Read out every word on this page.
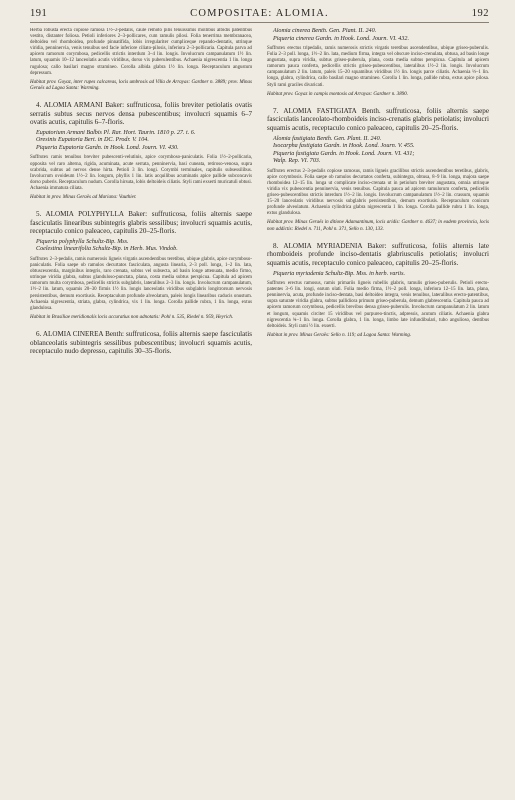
191	COMPOSITAE: ALOMIA.	192

Herba robusta erecta copiose ramosa 1½–2-pedalis, caule remoto pilis tenuissimis mollibus albidis patentibus vestito, distanter foliosa. Petioli inferiores 2–3-pollicares, cum ramulis pilosi. Folia tenerrima membranacea, deltoidea vel rhomboidea, profunde pinnatifida, lobis irregulariter cumpliceque repando-dentatis, utrinque viridia, penninervia, venis tenuibus sed facie inferiore ciliato-pilosis, inferiora 2–3-pollicaria. Capitula parva ad apicem ramorum corymbosa, pedicellis strictis interdum 3–4 lin. longis. Involucrum campanulatum 1½ lin. latum, squamis 10–12 lanceolatis acutis viridibus, dorso vix puberulentibus. Achaenia nigrescentia 1 lin. longa rugulosa; callo basilari magno stramineo. Corolla albida glabra 1½ lin. longa. Receptaculum angustum depressum.

Habitat prov. Goyaz, inter rupes calcareas, locis umbrosis ad Villa de Arrayas: Gardner n. 3889; prov. Minas Geraës ad Lagoa Santa: Warming.

4. ALOMIA ARMANI Baker: suffruticosa, foliis breviter petiolatis ovatis serratis subtus secus nervos densa pubescentibus; involucri squamis 6–7 ovatis acutis, capitulis 6–7-floris.

Eupatorium Armani Balbis Pl. Rar. Hort. Taurin. 1810 p. 27. t. 6.

Oresinis Eupatoria Bert. in DC. Prodr. V. 104.

Piqueria Eupatoria Gardn. in Hook. Lond. Journ. VI. 430.

Suffrutex ramis tenuibus breviter pubescenti-velutinis, apice corymboso-paniculatis. Folia 1½–2-pollicaria, opposita vel raro alterna, rigida, acuminata, acute serrata, penninervia, basi cuneata, retiroso-venosa, supra scabrida, subtus ad nervos dense hirta. Petioli 3 lin. longi. Corymbi terminales, capitulis subsessilibus. Involucrum ovoideum 1½–2 lin. longum, phyllis 1 lin. latis acquilibus acuminatis apice pallide subconcavis dorso puberis. Receptaculum nudum. Corolla hirsuta, lobis deltoideis ciliatis. Styli rami exserti muricatuli obtusi. Achaenia immatura ciliata.

Habitat in prov. Minas Geraës ad Mariana: Vauthier.

5. ALOMIA POLYPHYLLA Baker: suffruticosa, foliis alternis saepe fasciculatis linearibus subintegris glabris sessilibus; involucri squamis acutis, receptaculo conico paleaceo, capitulis 20–25-floris.

Piqueria polyphylla Schultz-Bip. Mss.

Coelestina linearifolia Schultz-Bip. in Herb. Mus. Vindob.

Suffrutex 2–3-pedalis, ramis numerosis ligneis virgatis ascendentibus teretibus, ubique glabris, apice corymboso-paniculatis. Folia saepe ob ramulos decurtatos fasciculata, angusta linearia, 2–3 poll. longa, 1–2 lin. lata, obtuscescentia, marginibus integris, raro crenata, sobtus vel subsecta, ad basin longe attenuata, medio firmo, utrinque viridia glabra, subtus glanduloso-punctata, plana, costa media subtus perspicua. Capitula ad apicem ramorum multa corymbosa, pedicellis strictis subglabris, lateralibus 2–3 lin. longis. Involucrum campanulatum, 1½–2 lin. latum, squamis 20–30 firmis 1½ lin. longis lanceolatis viridibus subglabris longitrorsum nervosis persistentibus, demum exortiusis. Receptaculum profunde alveolatum, paleis longis linearibus caducis onustum. Achaenia nigrescentia, striata, glabra, cylindrica, vix 1 lin. longa. Corolla pallide rubra, 1 lin. longa, extus glandulosa.

Habitat in Brasiliae meridionalis locis accuratius non adnotatis: Pohl n. 535, Riedel n. 959, Heyrich.

6. ALOMIA CINEREA Benth: suffruticosa, foliis alternis saepe fasciculatis oblanceolatis subintegris sessilibus pubescentibus; involucri squamis acutis, receptaculo nudo depresso, capitulis 30–35-floris.

Alomia cinerea Benth. Gen. Plant. II. 240.

Piqueria cinerea Gardn. in Hook. Lond. Journ. VI. 432.

Suffrutex erectus tripedalis, ramis numerosis strictis virgatis teretibus ascendentibus, ubique griseo-puberulis. Folia 2–3 poll. longa, 1½–2 lin. lata, medium firma, integra vel obscure inciso-crenulata, obtusa, ad basin longe angustata, supra viridia, subtus griseo-puberula, plana, costa media subtus perspicua. Capitula ad apicem ramorum pauca conferta, pedicellis strictis griseo-pubescentibus, lateralibus 1½–2 lin. longis. Involucrum campanulatum 2 lin. latum, paleis 15–20 squamibus viridibus 1½ lin. longis parce ciliatis. Achaenia ⅓–1 lin. longa, glabra, cylindrica, callo basilari magno stramineo. Corolla 1 lin. longa, pallide rubra, extus apice pilosa. Styli rami graciles divaricati.

Habitat prov. Goyaz in campis montosis ad Arrayas: Gardner n. 3890.

7. ALOMIA FASTIGIATA Benth. suffruticosa, foliis alternis saepe fasciculatis lanceolato-rhomboideis inciso-crenatis glabris petiolatis; involucri squamis acutis, receptaculo conico paleaceo, capitulis 20–25-floris.

Alomia fastigiata Benth. Gen. Plant. II. 240.

Isocarpha fastigiata Gardn. in Hook. Lond. Journ. V. 455.

Piqueria fastigiata Gardn. in Hook. Lond. Journ. VI. 431;

Walp. Rep. VI. 703.

Suffrutex erectus 2–3-pedalis copiose ramosus, ramis ligneis gracilibus strictis ascendentibus teretibus, glabris, apice corymbosis. Folia saepe ob ramulos decurtatos conferta, subintegra, obtusa, 8–9 lin. longa, majora saepe rhomboidea 12–15 lin. longa ut complicate inciso-crenata ut in petiolum breviter angustata, omnia utrinque viridia vix pubescentia penninervia, venis tenuibus. Capitula pauca ad apicem ramulorum conferta, pedicellis griseo-pubescentibus strictis interdum 1½–2 lin. longis. Involucrum campanulatum 1½–2 lin. crassum, squamis 15–20 lanceolatis viridibus nervosis subglabris persistentibus, demum exortiusis. Receptaculum conicum profunde alveolatum. Achaenia cylindrica glabra nigrescentia 1 lin. longa. Corolla pallide rubra 1 lin. longa, extus glandulosa.

Habitat prov. Minas Geraës in ditione Adamantinum, locis aridis: Gardner n. 4637; in eadem provincia, locis non addictis: Riedel n. 711, Pohl n. 371, Sello n. 130, 133.

8. ALOMIA MYRIADENIA Baker: suffruticosa, foliis alternis late rhomboideis profunde inciso-dentatis glabriusculis petiolatis; involucri squamis acutis, receptaculo conico paleaceo, capitulis 20–25-floris.

Piqueria myriadenia Schultz-Bip. Mss. in herb. variis.

Suffrutex erectus ramosus, ramis primariis ligneis rubellis glabris, ramulis griseo-puberulis. Petioli erecto-patentes 3–6 lin. longi, earum olati. Folia medio firma, 1½–2 poll. longa, inferiora 12–15 lin. lata, plana, penninervia, acuta, profunde inciso-dentata, basi deltoideo integra, venis tenuibus, lateralibus erecto-patentibus, supra saturate viridia glabra, subtus pallidiora primum griseo-puberula, demum glabrescentia. Capitula pauca ad apicem ramorum corymbosa, pedicellis brevibus densa griseo-puberulis. Involucrum campanulatum 2 lin. latum et longum, squamis circiter 15 viridibus vel purpureo-tinctis, adpressis, acutum ciliatis. Achaenia glabra nigrescentia ¾–1 lin. longa. Corolla glabra, 1 lin. longa, limbo late infundibulari, tubo angulioso, dentibus deltoideis. Styli rami ½ lin. exserti.

Habitat in prov. Minas Geraës: Sello n. 119; ad Lagoa Santa: Warming.
